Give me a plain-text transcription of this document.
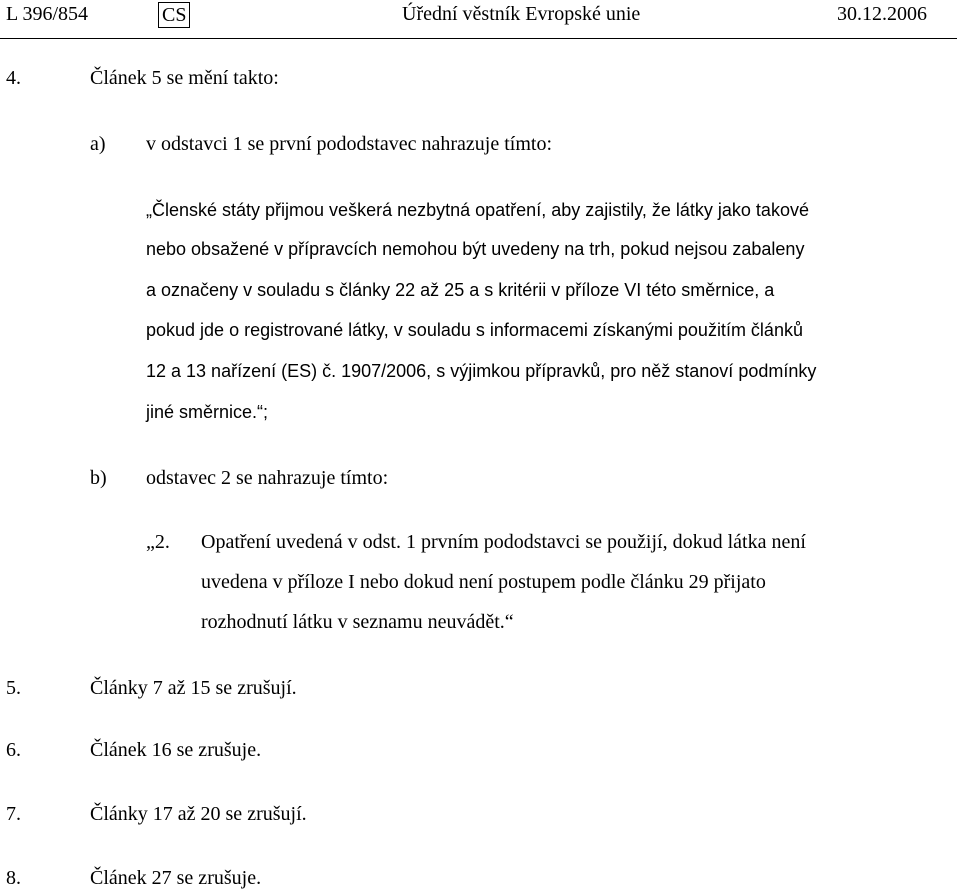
L 396/854	CS	Úřední věstník Evropské unie	30.12.2006
4.	Článek 5 se mění takto:
a) v odstavci 1 se první pododstavec nahrazuje tímto:
„Členské státy přijmou veškerá nezbytná opatření, aby zajistily, že látky jako takové
nebo obsažené v přípravcích nemohou být uvedeny na trh, pokud nejsou zabaleny
a označeny v souladu s články 22 až 25 a s kritérii v příloze VI této směrnice, a
pokud jde o registrované látky, v souladu s informacemi získanými použitím článků
12 a 13 nařízení (ES) č. 1907/2006, s výjimkou přípravků, pro něž stanoví podmínky
jiné směrnice.“;
b) odstavec 2 se nahrazuje tímto:
„2. Opatření uvedená v odst. 1 prvním pododstavci se použijí, dokud látka není
uvedena v příloze I nebo dokud není postupem podle článku 29 přijato
rozhodnutí látku v seznamu neuvádět.“
5.	Články 7 až 15 se zrušují.
6.	Článek 16 se zrušuje.
7.	Články 17 až 20 se zrušují.
8.	Článek 27 se zrušuje.
